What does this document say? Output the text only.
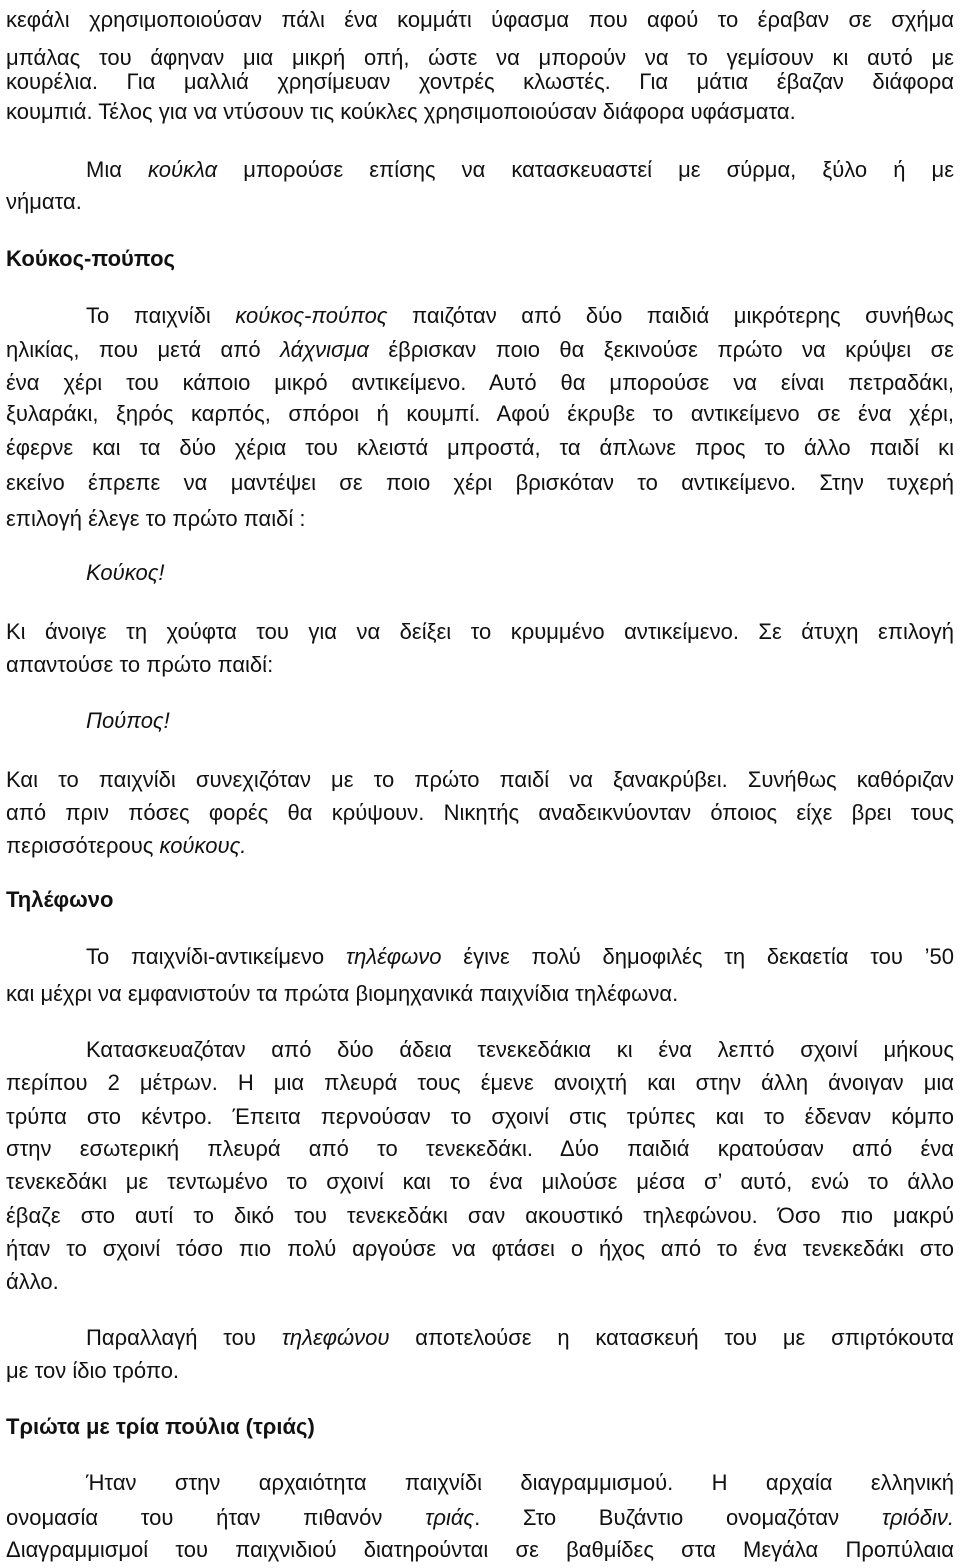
κεφάλι χρησιμοποιούσαν πάλι ένα κομμάτι ύφασμα που αφού το έραβαν σε σχήμα
μπάλας του άφηναν μια μικρή οπή, ώστε να μπορούν να το γεμίσουν κι αυτό με
κουρέλια. Για μαλλιά χρησίμευαν χοντρές κλωστές. Για μάτια έβαζαν διάφορα
κουμπιά. Τέλος για να ντύσουν τις κούκλες χρησιμοποιούσαν διάφορα υφάσματα.
Μια κούκλα μπορούσε επίσης να κατασκευαστεί με σύρμα, ξύλο ή με
νήματα.
Κούκος-πούπος
Το παιχνίδι κούκος-πούπος παιζόταν από δύο παιδιά μικρότερης συνήθως
ηλικίας, που μετά από λάχνισμα έβρισκαν ποιο θα ξεκινούσε πρώτο να κρύψει σε
ένα χέρι του κάποιο μικρό αντικείμενο. Αυτό θα μπορούσε να είναι πετραδάκι,
ξυλαράκι, ξηρός καρπός, σπόροι ή κουμπί. Αφού έκρυβε το αντικείμενο σε ένα χέρι,
έφερνε και τα δύο χέρια του κλειστά μπροστά, τα άπλωνε προς το άλλο παιδί κι
εκείνο έπρεπε να μαντέψει σε ποιο χέρι βρισκόταν το αντικείμενο. Στην τυχερή
επιλογή έλεγε το πρώτο παιδί :
Κούκος!
Κι άνοιγε τη χούφτα του για να δείξει το κρυμμένο αντικείμενο. Σε άτυχη επιλογή
απαντούσε το πρώτο παιδί:
Πούπος!
Και το παιχνίδι συνεχιζόταν με το πρώτο παιδί να ξανακρύβει. Συνήθως καθόριζαν
από πριν πόσες φορές θα κρύψουν. Νικητής αναδεικνύονταν όποιος είχε βρει τους
περισσότερους κούκους.
Τηλέφωνο
Το παιχνίδι-αντικείμενο τηλέφωνο έγινε πολύ δημοφιλές τη δεκαετία του ’50
και μέχρι να εμφανιστούν τα πρώτα βιομηχανικά παιχνίδια τηλέφωνα.
Κατασκευαζόταν από δύο άδεια τενεκεδάκια κι ένα λεπτό σχοινί μήκους
περίπου 2 μέτρων. Η μια πλευρά τους έμενε ανοιχτή και στην άλλη άνοιγαν μια
τρύπα στο κέντρο. Έπειτα περνούσαν το σχοινί στις τρύπες και το έδεναν κόμπο
στην εσωτερική πλευρά από το τενεκεδάκι. Δύο παιδιά κρατούσαν από ένα
τενεκεδάκι με τεντωμένο το σχοινί και το ένα μιλούσε μέσα σ’ αυτό, ενώ το άλλο
έβαζε στο αυτί το δικό του τενεκεδάκι σαν ακουστικό τηλεφώνου. Όσο πιο μακρύ
ήταν το σχοινί τόσο πιο πολύ αργούσε να φτάσει ο ήχος από το ένα τενεκεδάκι στο
άλλο.
Παραλλαγή του τηλεφώνου αποτελούσε η κατασκευή του με σπιρτόκουτα
με τον ίδιο τρόπο.
Τριώτα με τρία πούλια (τριάς)
Ήταν στην αρχαιότητα παιχνίδι διαγραμμισμού. Η αρχαία ελληνική
ονομασία του ήταν πιθανόν τριάς. Στο Βυζάντιο ονομαζόταν τριόδιν.
Διαγραμμισμοί του παιχνιδιού διατηρούνται σε βαθμίδες στα Μεγάλα Προπύλαια
